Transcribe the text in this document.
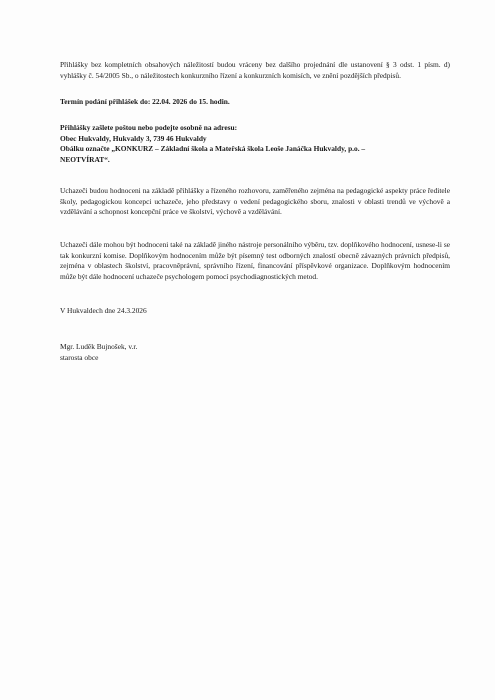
Přihlášky bez kompletních obsahových náležitostí budou vráceny bez dalšího projednání dle ustanovení § 3 odst. 1 písm. d) vyhlášky č. 54/2005 Sb., o náležitostech konkurzního řízení a konkurzních komisích, ve znění pozdějších předpisů.

Termín podání přihlášek do: 22.04. 2026 do 15. hodin.

Přihlášky zašlete poštou nebo podejte osobně na adresu:
Obec Hukvaldy, Hukvaldy 3, 739 46 Hukvaldy
Obálku označte „KONKURZ – Základní škola a Mateřská škola Leoše Janáčka Hukvaldy, p.o. –
NEOTVÍRAT“.

Uchazeči budou hodnoceni na základě přihlášky a řízeného rozhovoru, zaměřeného zejména na pedagogické aspekty práce ředitele školy, pedagogickou koncepci uchazeče, jeho představy o vedení pedagogického sboru, znalosti v oblasti trendů ve výchově a vzdělávání a schopnost koncepční práce ve školství, výchově a vzdělávání.

Uchazeči dále mohou být hodnoceni také na základě jiného nástroje personálního výběru, tzv. doplňkového hodnocení, usnese-li se tak konkurzní komise. Doplňkovým hodnocením může být písemný test odborných znalostí obecně závazných právních předpisů, zejména v oblastech školství, pracovněprávní, správního řízení, financování příspěvkové organizace. Doplňkovým hodnocením může být dále hodnocení uchazeče psychologem pomocí psychodiagnostických metod.

V Hukvaldech dne 24.3.2026

Mgr. Luděk Bujnošek, v.r.
starosta obce
